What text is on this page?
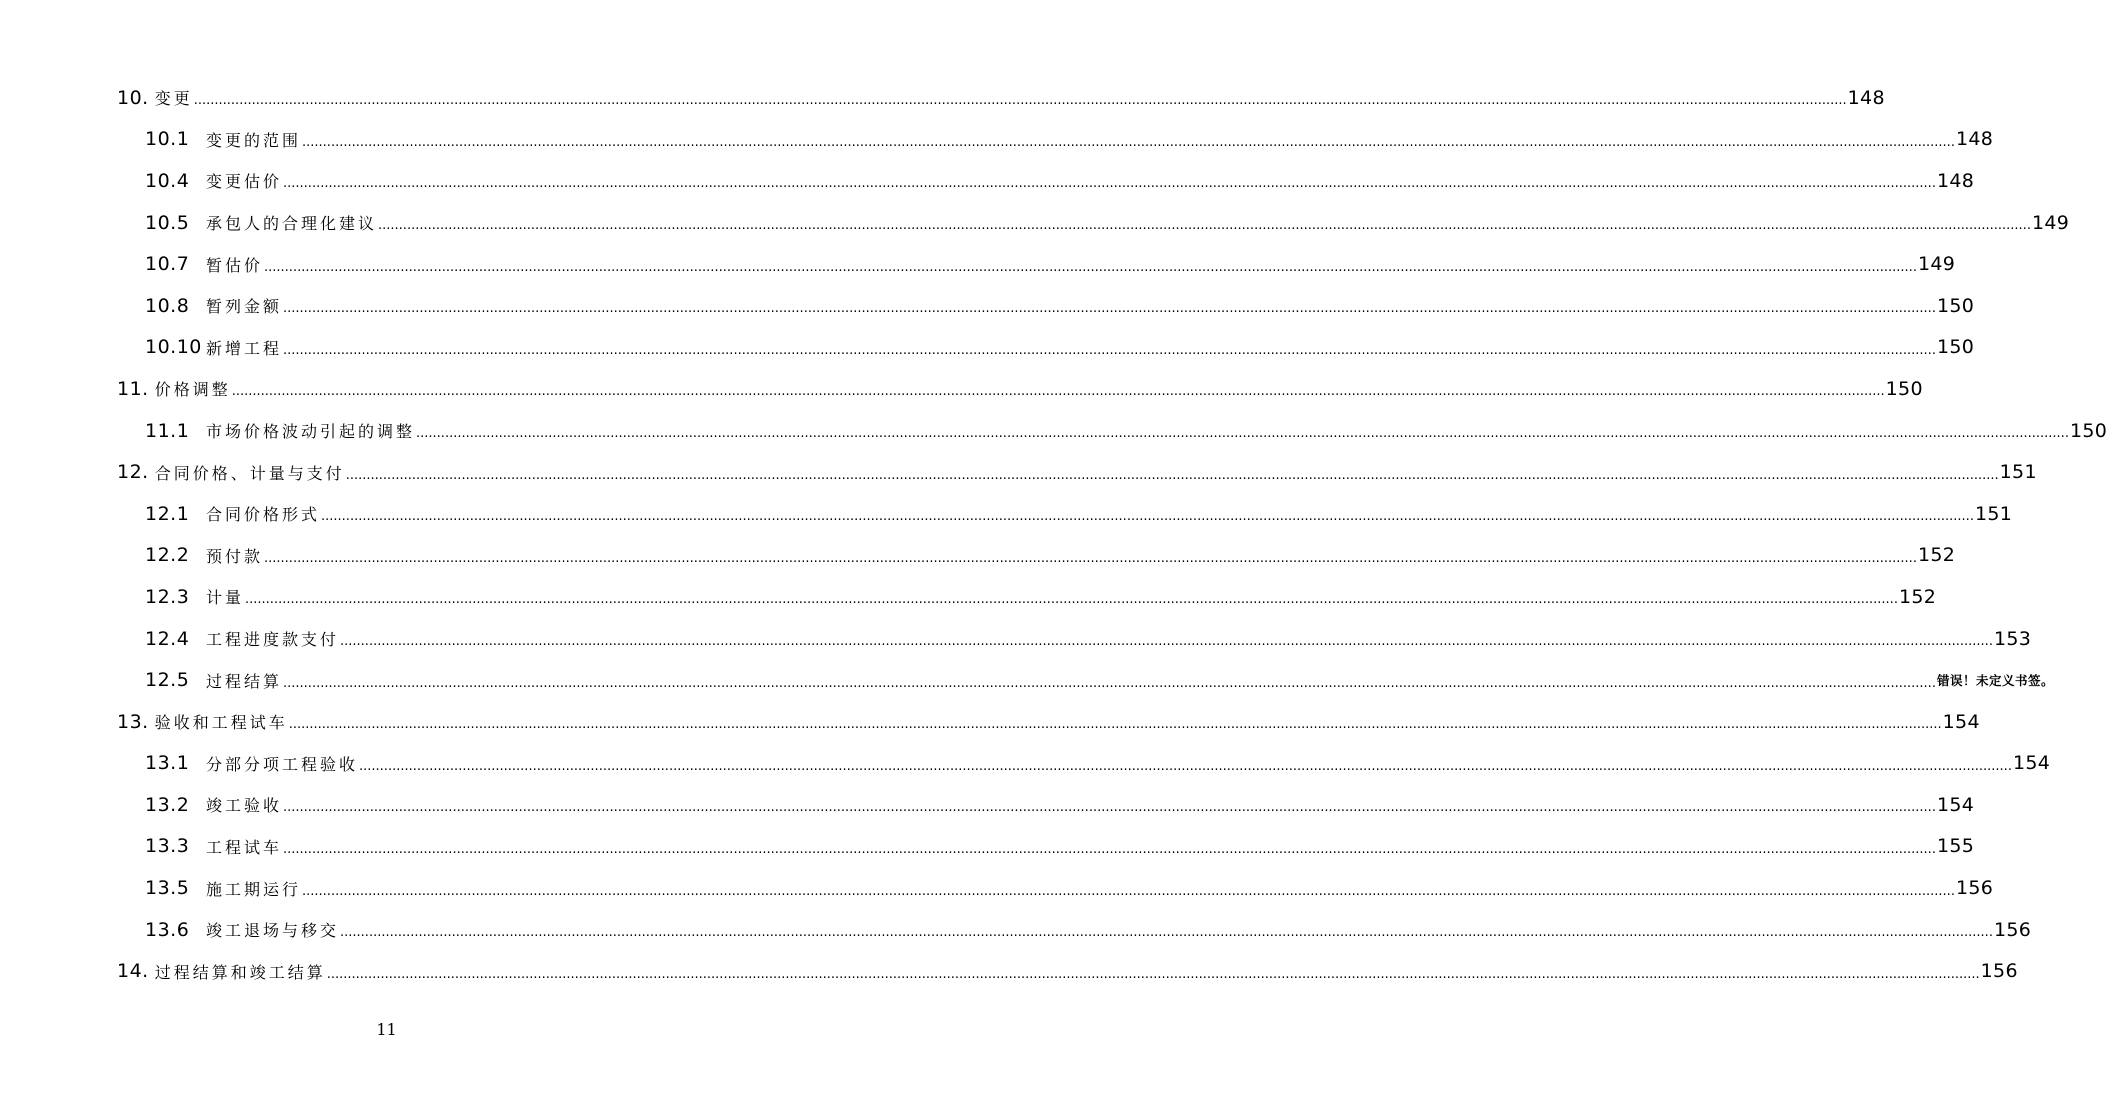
10. 变更 ................................................................................................................................................................................................................................................................................................................................................................................................................ 148
10.1	变更的范围 ................................................................................................................................................................................................................................................................................................................................................................................................................ 148
10.4	变更估价 ................................................................................................................................................................................................................................................................................................................................................................................................................ 148
10.5	承包人的合理化建议 ................................................................................................................................................................................................................................................................................................................................................................................................................ 149
10.7	暂估价 ................................................................................................................................................................................................................................................................................................................................................................................................................ 149
10.8	暂列金额 ................................................................................................................................................................................................................................................................................................................................................................................................................ 150
10.10 新增工程 ................................................................................................................................................................................................................................................................................................................................................................................................................ 150
11. 价格调整 ................................................................................................................................................................................................................................................................................................................................................................................................................ 150
11.1	市场价格波动引起的调整 ................................................................................................................................................................................................................................................................................................................................................................................................................ 150
12. 合同价格、计量与支付 ................................................................................................................................................................................................................................................................................................................................................................................................................ 151
12.1	合同价格形式 ................................................................................................................................................................................................................................................................................................................................................................................................................ 151
12.2	预付款 ................................................................................................................................................................................................................................................................................................................................................................................................................ 152
12.3	计量 ................................................................................................................................................................................................................................................................................................................................................................................................................ 152
12.4	工程进度款支付 ................................................................................................................................................................................................................................................................................................................................................................................................................ 153
12.5	过程结算 ................................................................................................................................................................................................................................................................................................................................................................................................................ 错误！未定义书签。
13. 验收和工程试车 ................................................................................................................................................................................................................................................................................................................................................................................................................ 154
13.1	分部分项工程验收 ................................................................................................................................................................................................................................................................................................................................................................................................................ 154
13.2	竣工验收 ................................................................................................................................................................................................................................................................................................................................................................................................................ 154
13.3	工程试车 ................................................................................................................................................................................................................................................................................................................................................................................................................ 155
13.5	施工期运行 ................................................................................................................................................................................................................................................................................................................................................................................................................ 156
13.6	竣工退场与移交 ................................................................................................................................................................................................................................................................................................................................................................................................................ 156
14. 过程结算和竣工结算 ................................................................................................................................................................................................................................................................................................................................................................................................................ 156
11
